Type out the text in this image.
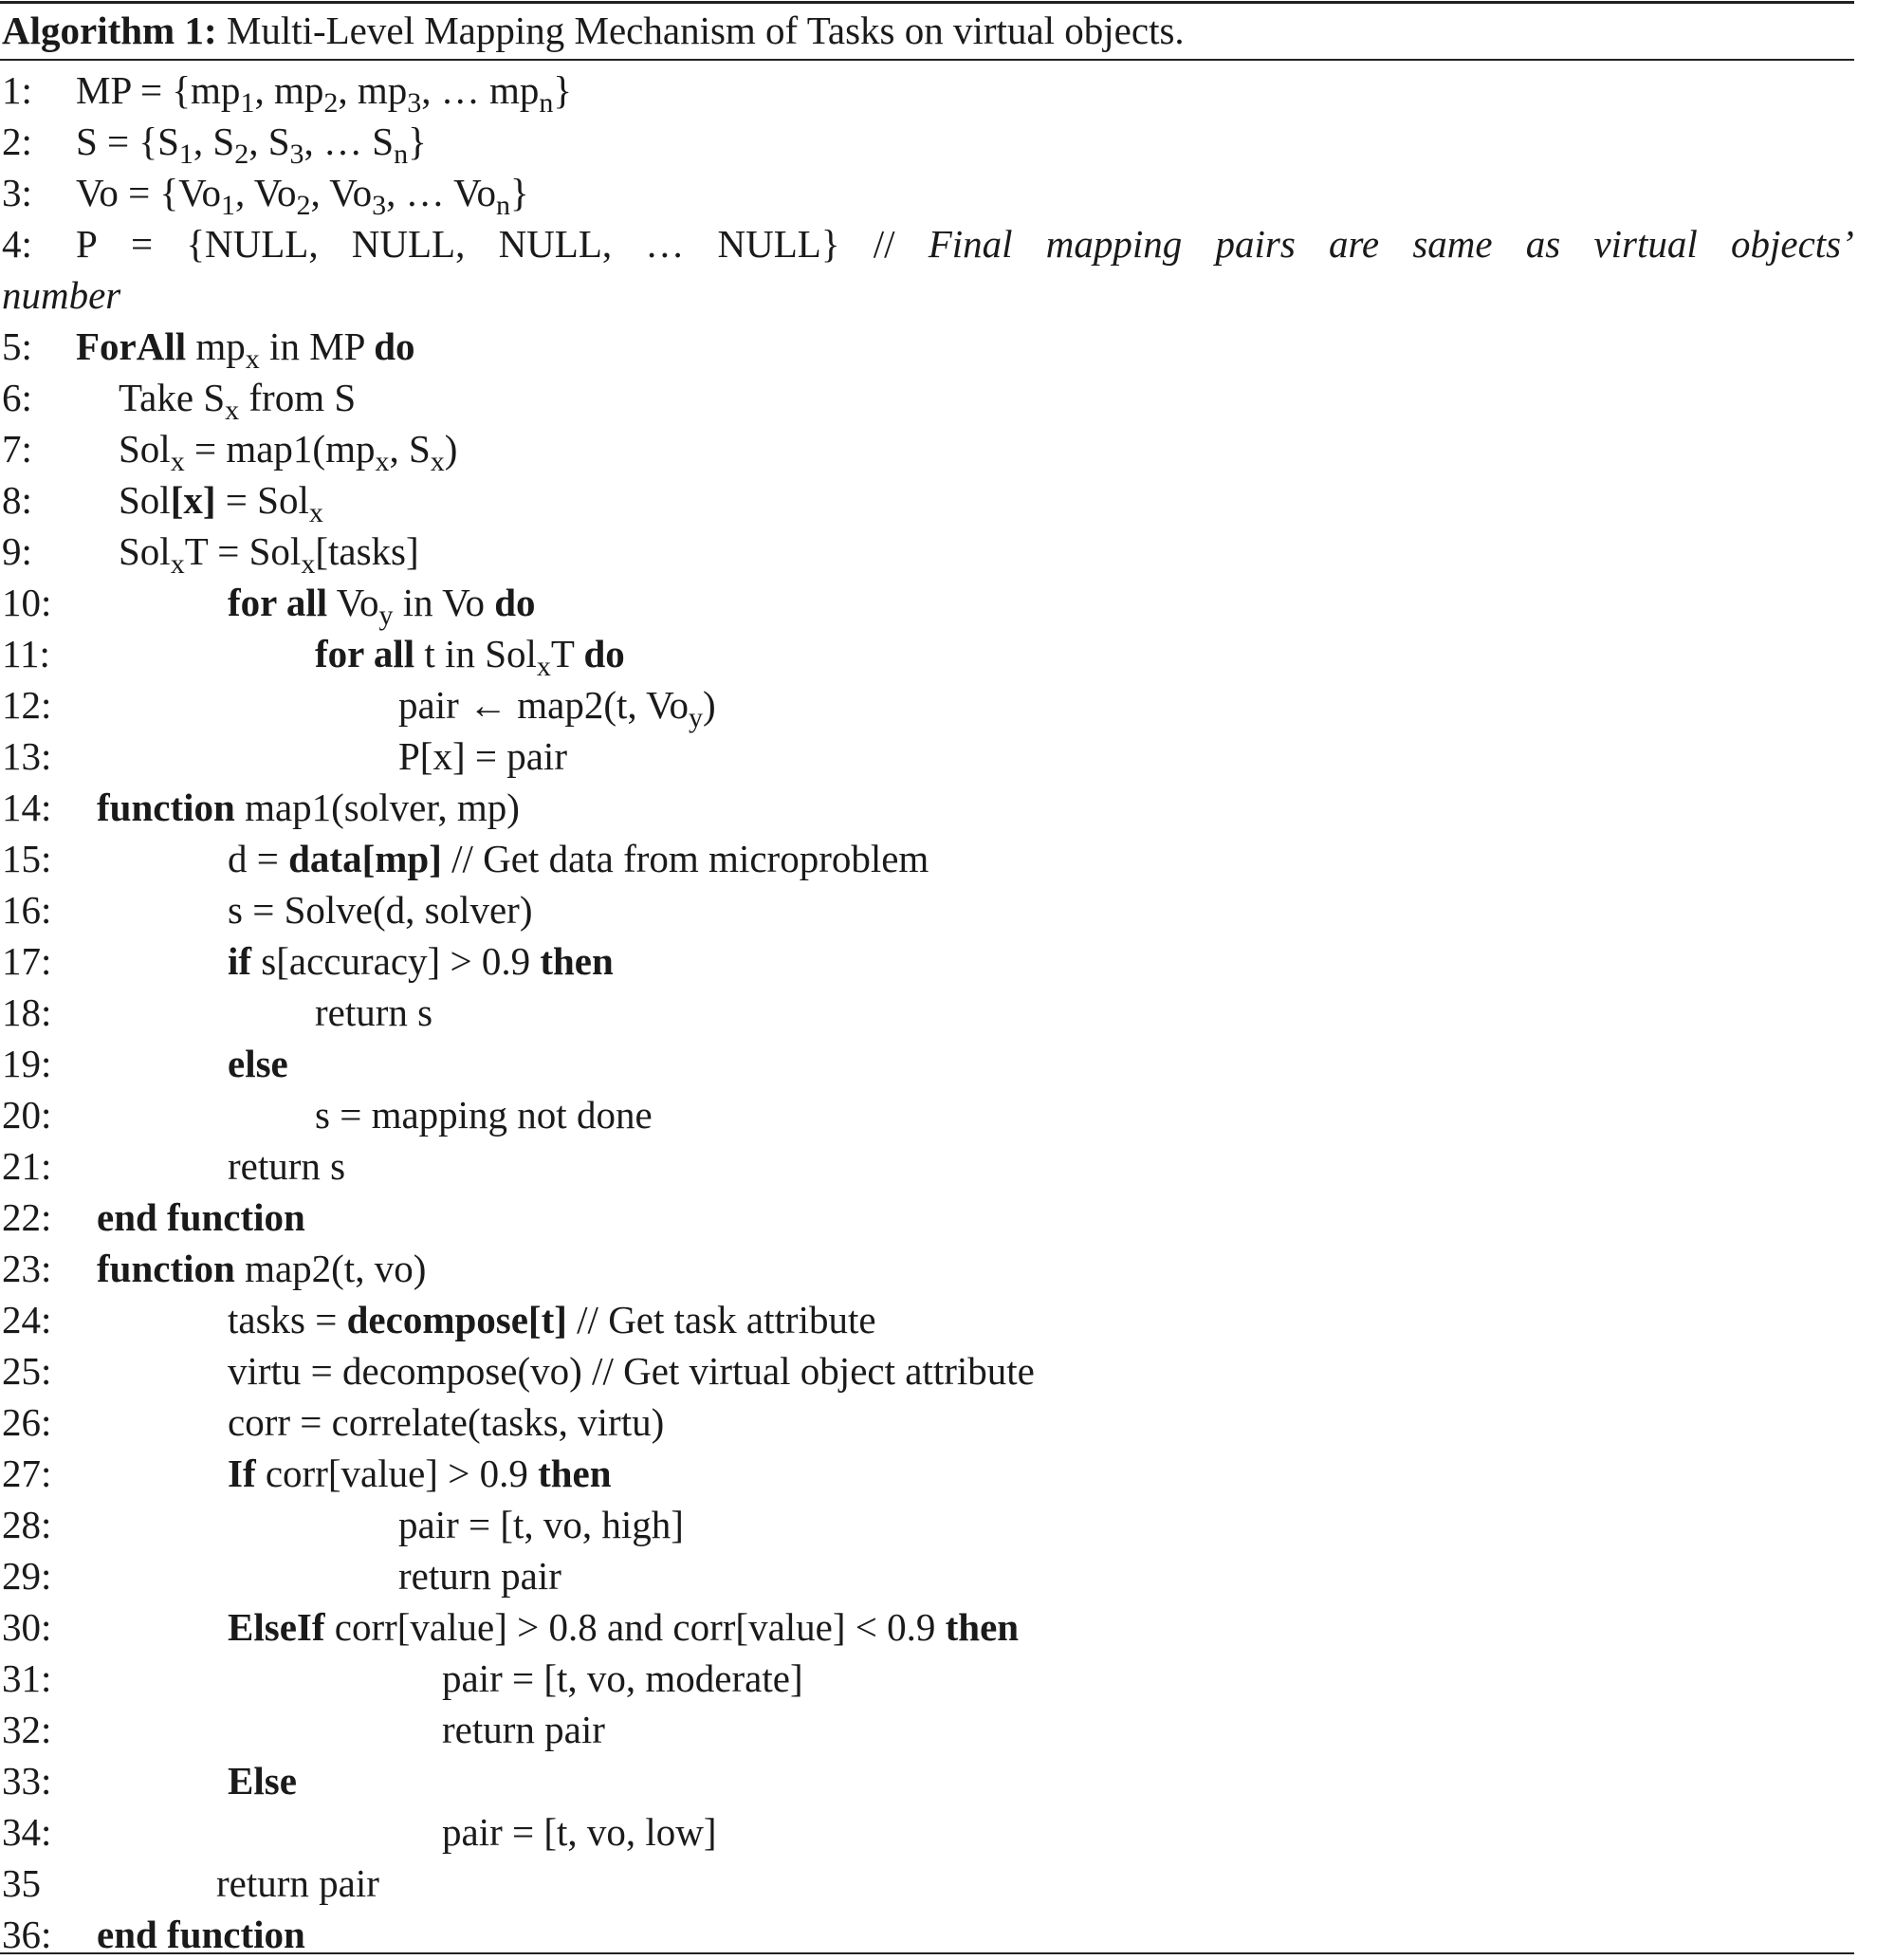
Algorithm 1: Multi-Level Mapping Mechanism of Tasks on virtual objects.
1: MP = {$mp_1$, $mp_2$, $mp_3$, … $mp_n$}
2: $S = \{S_1$, $S_2$, $S_3$, … $S_n$}
3: $Vo = \{Vo_1$, $Vo_2$, $Vo_3$, … $Vo_n$}
4: P = {NULL, NULL, NULL, … NULL} // Final mapping pairs are same as virtual objects’
number
5: ForAll $mp_x$ in MP do
6: Take $S_x$ from S
7: $Sol_x = map1(mp_x$, $S_x$)
8: Sol[x] = Sol$_x$
9: Sol$_x$T = Sol$_x$[tasks]
10:	for all $Vo_y$ in Vo do
11:	for all t in Sol$_x$T do
12:	pair ← map2(t, $Vo_y$)
13:	P[x] = pair
14: function map1(solver, mp)
15:	d = data[mp] // Get data from microproblem
16:	s = Solve(d, solver)
17:	if s[accuracy] > 0.9 then
18:	return s
19:	else
20:	s = mapping not done
21:	return s
22: end function
23: function map2(t, vo)
24:	tasks = decompose[t] // Get task attribute
25:	virtu = decompose(vo) // Get virtual object attribute
26:	corr = correlate(tasks, virtu)
27:	If corr[value] > 0.9 then
28:	pair = [t, vo, high]
29:	return pair
30:	ElseIf corr[value] > 0.8 and corr[value] < 0.9 then
31:	pair = [t, vo, moderate]
32:	return pair
33:	Else
34:	pair = [t, vo, low]
35	return pair
36: end function
